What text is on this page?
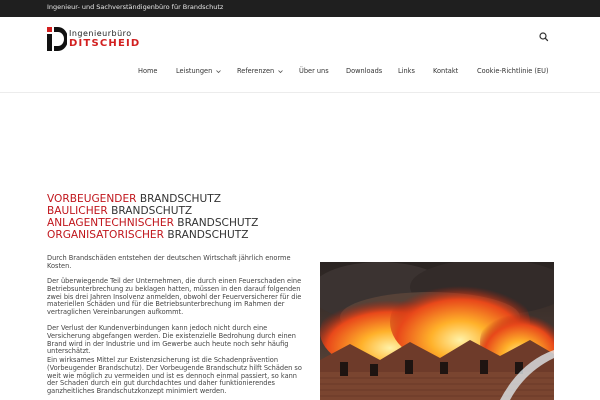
Ingenieur- und Sachverständigenbüro für Brandschutz
Ingenieurbüro
DITSCHEID
Home	Leistungen	Referenzen	Über uns	Downloads Links	Kontakt	Cookie-Richtlinie (EU)
VORBEUGENDER BRANDSCHUTZ
BAULICHER BRANDSCHUTZ
ANLAGENTECHNISCHER BRANDSCHUTZ
ORGANISATORISCHER BRANDSCHUTZ

Durch Brandschäden entstehen der deutschen Wirtschaft jährlich enorme Kosten.

Der überwiegende Teil der Unternehmen, die durch einen Feuerschaden eine Betriebsunterbrechung zu beklagen hatten, müssen in den darauf folgenden zwei bis drei Jahren Insolvenz anmelden, obwohl der Feuerversicherer für die materiellen Schäden und für die Betriebsunterbrechung im Rahmen der vertraglichen Vereinbarungen aufkommt.

Der Verlust der Kundenverbindungen kann jedoch nicht durch eine Versicherung abgefangen werden. Die existenzielle Bedrohung durch einen Brand wird in der Industrie und im Gewerbe auch heute noch sehr häufig unterschätzt.

Ein wirksames Mittel zur Existenzsicherung ist die Schadenprävention (Vorbeugender Brandschutz). Der Vorbeugende Brandschutz hilft Schäden so weit wie möglich zu vermeiden und ist es dennoch einmal passiert, so kann der Schaden durch ein gut durchdachtes und daher funktionierendes ganzheitliches Brandschutzkonzept minimiert werden.
